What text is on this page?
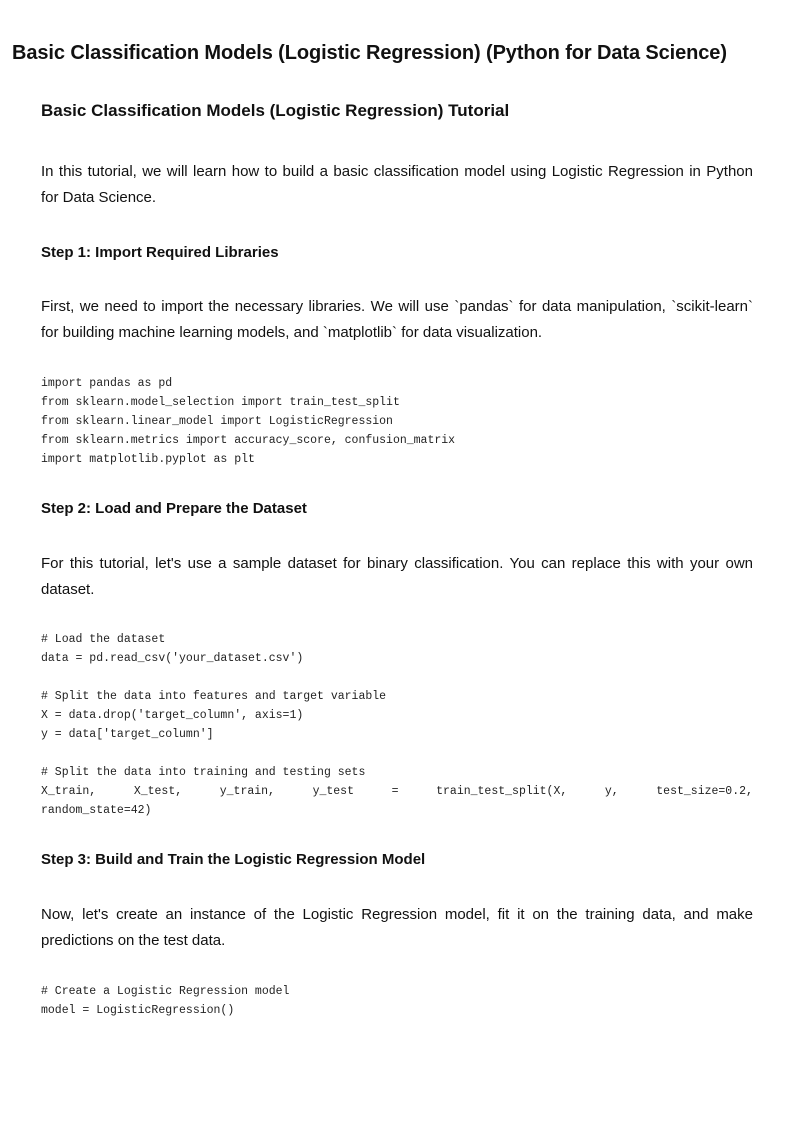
Basic Classification Models (Logistic Regression) (Python for Data Science)
Basic Classification Models (Logistic Regression) Tutorial

In this tutorial, we will learn how to build a basic classification model using Logistic Regression in Python for Data Science.

Step 1: Import Required Libraries

First, we need to import the necessary libraries. We will use `pandas` for data manipulation, `scikit-learn` for building machine learning models, and `matplotlib` for data visualization.

import pandas as pd
from sklearn.model_selection import train_test_split
from sklearn.linear_model import LogisticRegression
from sklearn.metrics import accuracy_score, confusion_matrix
import matplotlib.pyplot as plt
Step 2: Load and Prepare the Dataset

For this tutorial, let's use a sample dataset for binary classification. You can replace this with your own dataset.

# Load the dataset
data = pd.read_csv('your_dataset.csv')
# Split the data into features and target variable
X = data.drop('target_column', axis=1)
y = data['target_column']
# Split the data into training and testing sets
X_train,	X_test,	y_train,	y_test	=	train_test_split(X,	y,	test_size=0.2,
random_state=42)
Step 3: Build and Train the Logistic Regression Model

Now, let's create an instance of the Logistic Regression model, fit it on the training data, and make predictions on the test data.

# Create a Logistic Regression model
model = LogisticRegression()
